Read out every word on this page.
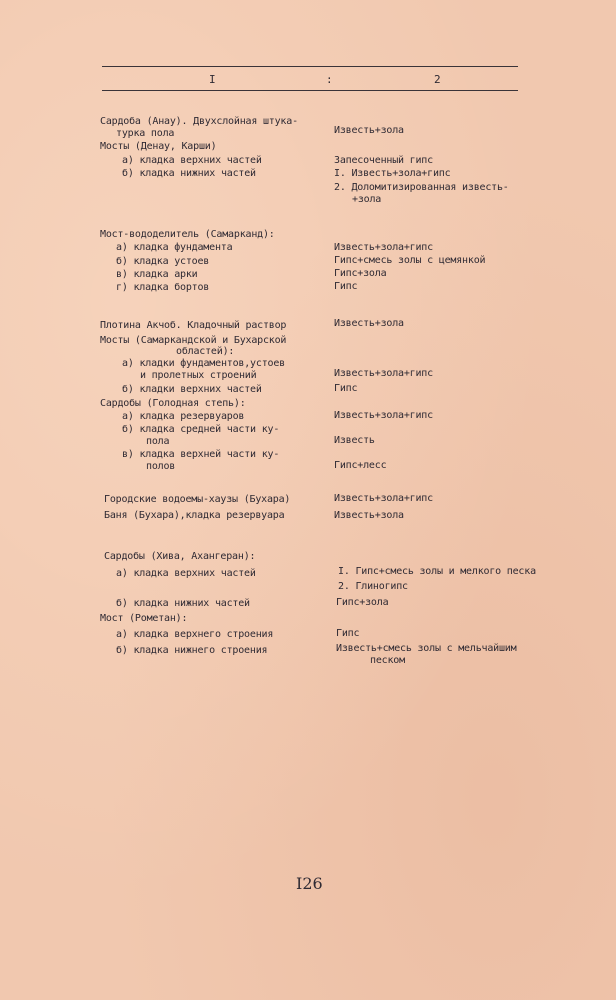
I	:	2
Сардоба (Анау). Двухслойная штука-
турка пола	Известь+зола
Мосты (Денау, Карши)
а) кладка верхних частей	Запесоченный гипс
б) кладка нижних частей	I. Известь+зола+гипс
2. Доломитизированная известь-
+зола
Мост-вододелитель (Самарканд):
а) кладка фундамента	Известь+зола+гипс
б) кладка устоев	Гипс+смесь золы с цемянкой
в) кладка арки	Гипс+зола
г) кладка бортов	Гипс
Плотина Акчоб. Кладочный раствор	Известь+зола
Мосты (Самаркандской и Бухарской
областей):
а) кладки фундаментов,устоев
и пролетных строений	Известь+зола+гипс
б) кладки верхних частей	Гипс
Сардобы (Голодная степь):
а) кладка резервуаров	Известь+зола+гипс
б) кладка средней части ку-
пола	Известь
в) кладка верхней части ку-
полов	Гипс+лесс
Городские водоемы-хаузы (Бухара)	Известь+зола+гипс
Баня (Бухара),кладка резервуара	Известь+зола
Сардобы (Хива, Ахангеран):
а) кладка верхних частей	I. Гипс+смесь золы и мелкого песка
2. Глиногипс
б) кладка нижних частей	Гипс+зола
Мост (Рометан):
а) кладка верхнего строения	Гипс
б) кладка нижнего строения	Известь+смесь золы с мельчайшим
песком
I26
